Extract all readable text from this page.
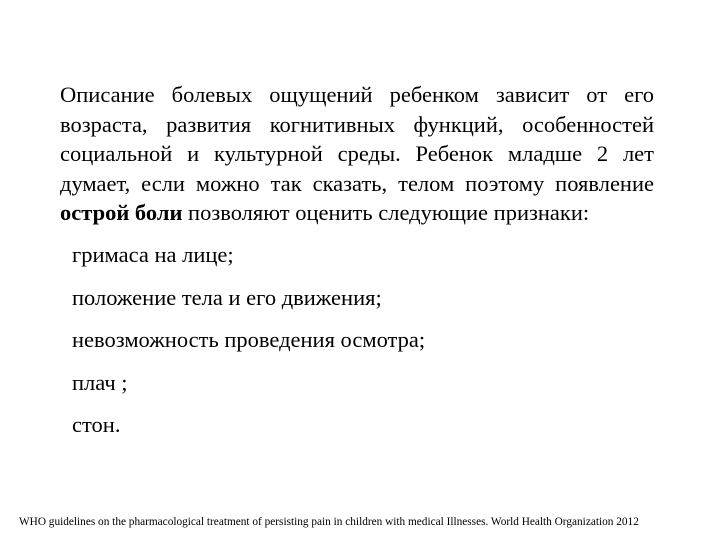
Описание болевых ощущений ребенком зависит от его возраста, развития когнитивных функций, особенностей социальной и культурной среды. Ребенок младше 2 лет думает, если можно так сказать, телом поэтому появление острой боли позволяют оценить следующие признаки:

гримаса на лице;
положение тела и его движения;
невозможность проведения осмотра;
плач ;
стон.
WHO guidelines on the pharmacological treatment of persisting pain in children with medical Illnesses. World Health Organization 2012
